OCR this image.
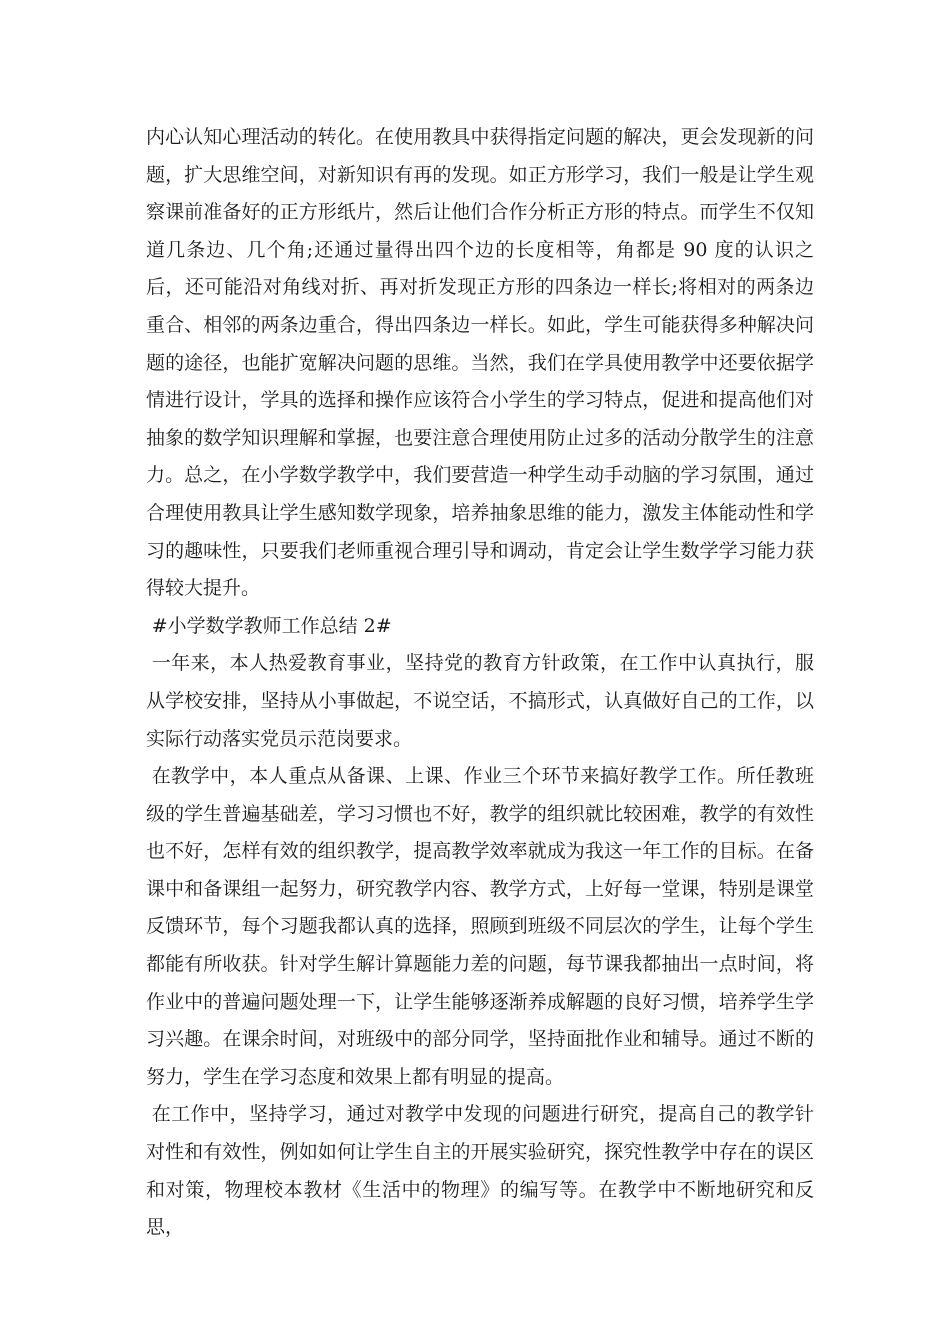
内心认知心理活动的转化。在使用教具中获得指定问题的解决，更会发现新的问题，扩大思维空间，对新知识有再的发现。如正方形学习，我们一般是让学生观察课前准备好的正方形纸片，然后让他们合作分析正方形的特点。而学生不仅知道几条边、几个角;还通过量得出四个边的长度相等，角都是 90 度的认识之后，还可能沿对角线对折、再对折发现正方形的四条边一样长;将相对的两条边重合、相邻的两条边重合，得出四条边一样长。如此，学生可能获得多种解决问题的途径，也能扩宽解决问题的思维。当然，我们在学具使用教学中还要依据学情进行设计，学具的选择和操作应该符合小学生的学习特点，促进和提高他们对抽象的数学知识理解和掌握，也要注意合理使用防止过多的活动分散学生的注意力。总之，在小学数学教学中，我们要营造一种学生动手动脑的学习氛围，通过合理使用教具让学生感知数学现象，培养抽象思维的能力，激发主体能动性和学习的趣味性，只要我们老师重视合理引导和调动，肯定会让学生数学学习能力获得较大提升。

#小学数学教师工作总结 2#

一年来，本人热爱教育事业，坚持党的教育方针政策，在工作中认真执行，服从学校安排，坚持从小事做起，不说空话，不搞形式，认真做好自己的工作，以实际行动落实党员示范岗要求。

在教学中，本人重点从备课、上课、作业三个环节来搞好教学工作。所任教班级的学生普遍基础差，学习习惯也不好，教学的组织就比较困难，教学的有效性也不好，怎样有效的组织教学，提高教学效率就成为我这一年工作的目标。在备课中和备课组一起努力，研究教学内容、教学方式，上好每一堂课，特别是课堂反馈环节，每个习题我都认真的选择，照顾到班级不同层次的学生，让每个学生都能有所收获。针对学生解计算题能力差的问题，每节课我都抽出一点时间，将作业中的普遍问题处理一下，让学生能够逐渐养成解题的良好习惯，培养学生学习兴趣。在课余时间，对班级中的部分同学，坚持面批作业和辅导。通过不断的努力，学生在学习态度和效果上都有明显的提高。

在工作中，坚持学习，通过对教学中发现的问题进行研究，提高自己的教学针对性和有效性，例如如何让学生自主的开展实验研究，探究性教学中存在的误区和对策，物理校本教材《生活中的物理》的编写等。在教学中不断地研究和反思，
